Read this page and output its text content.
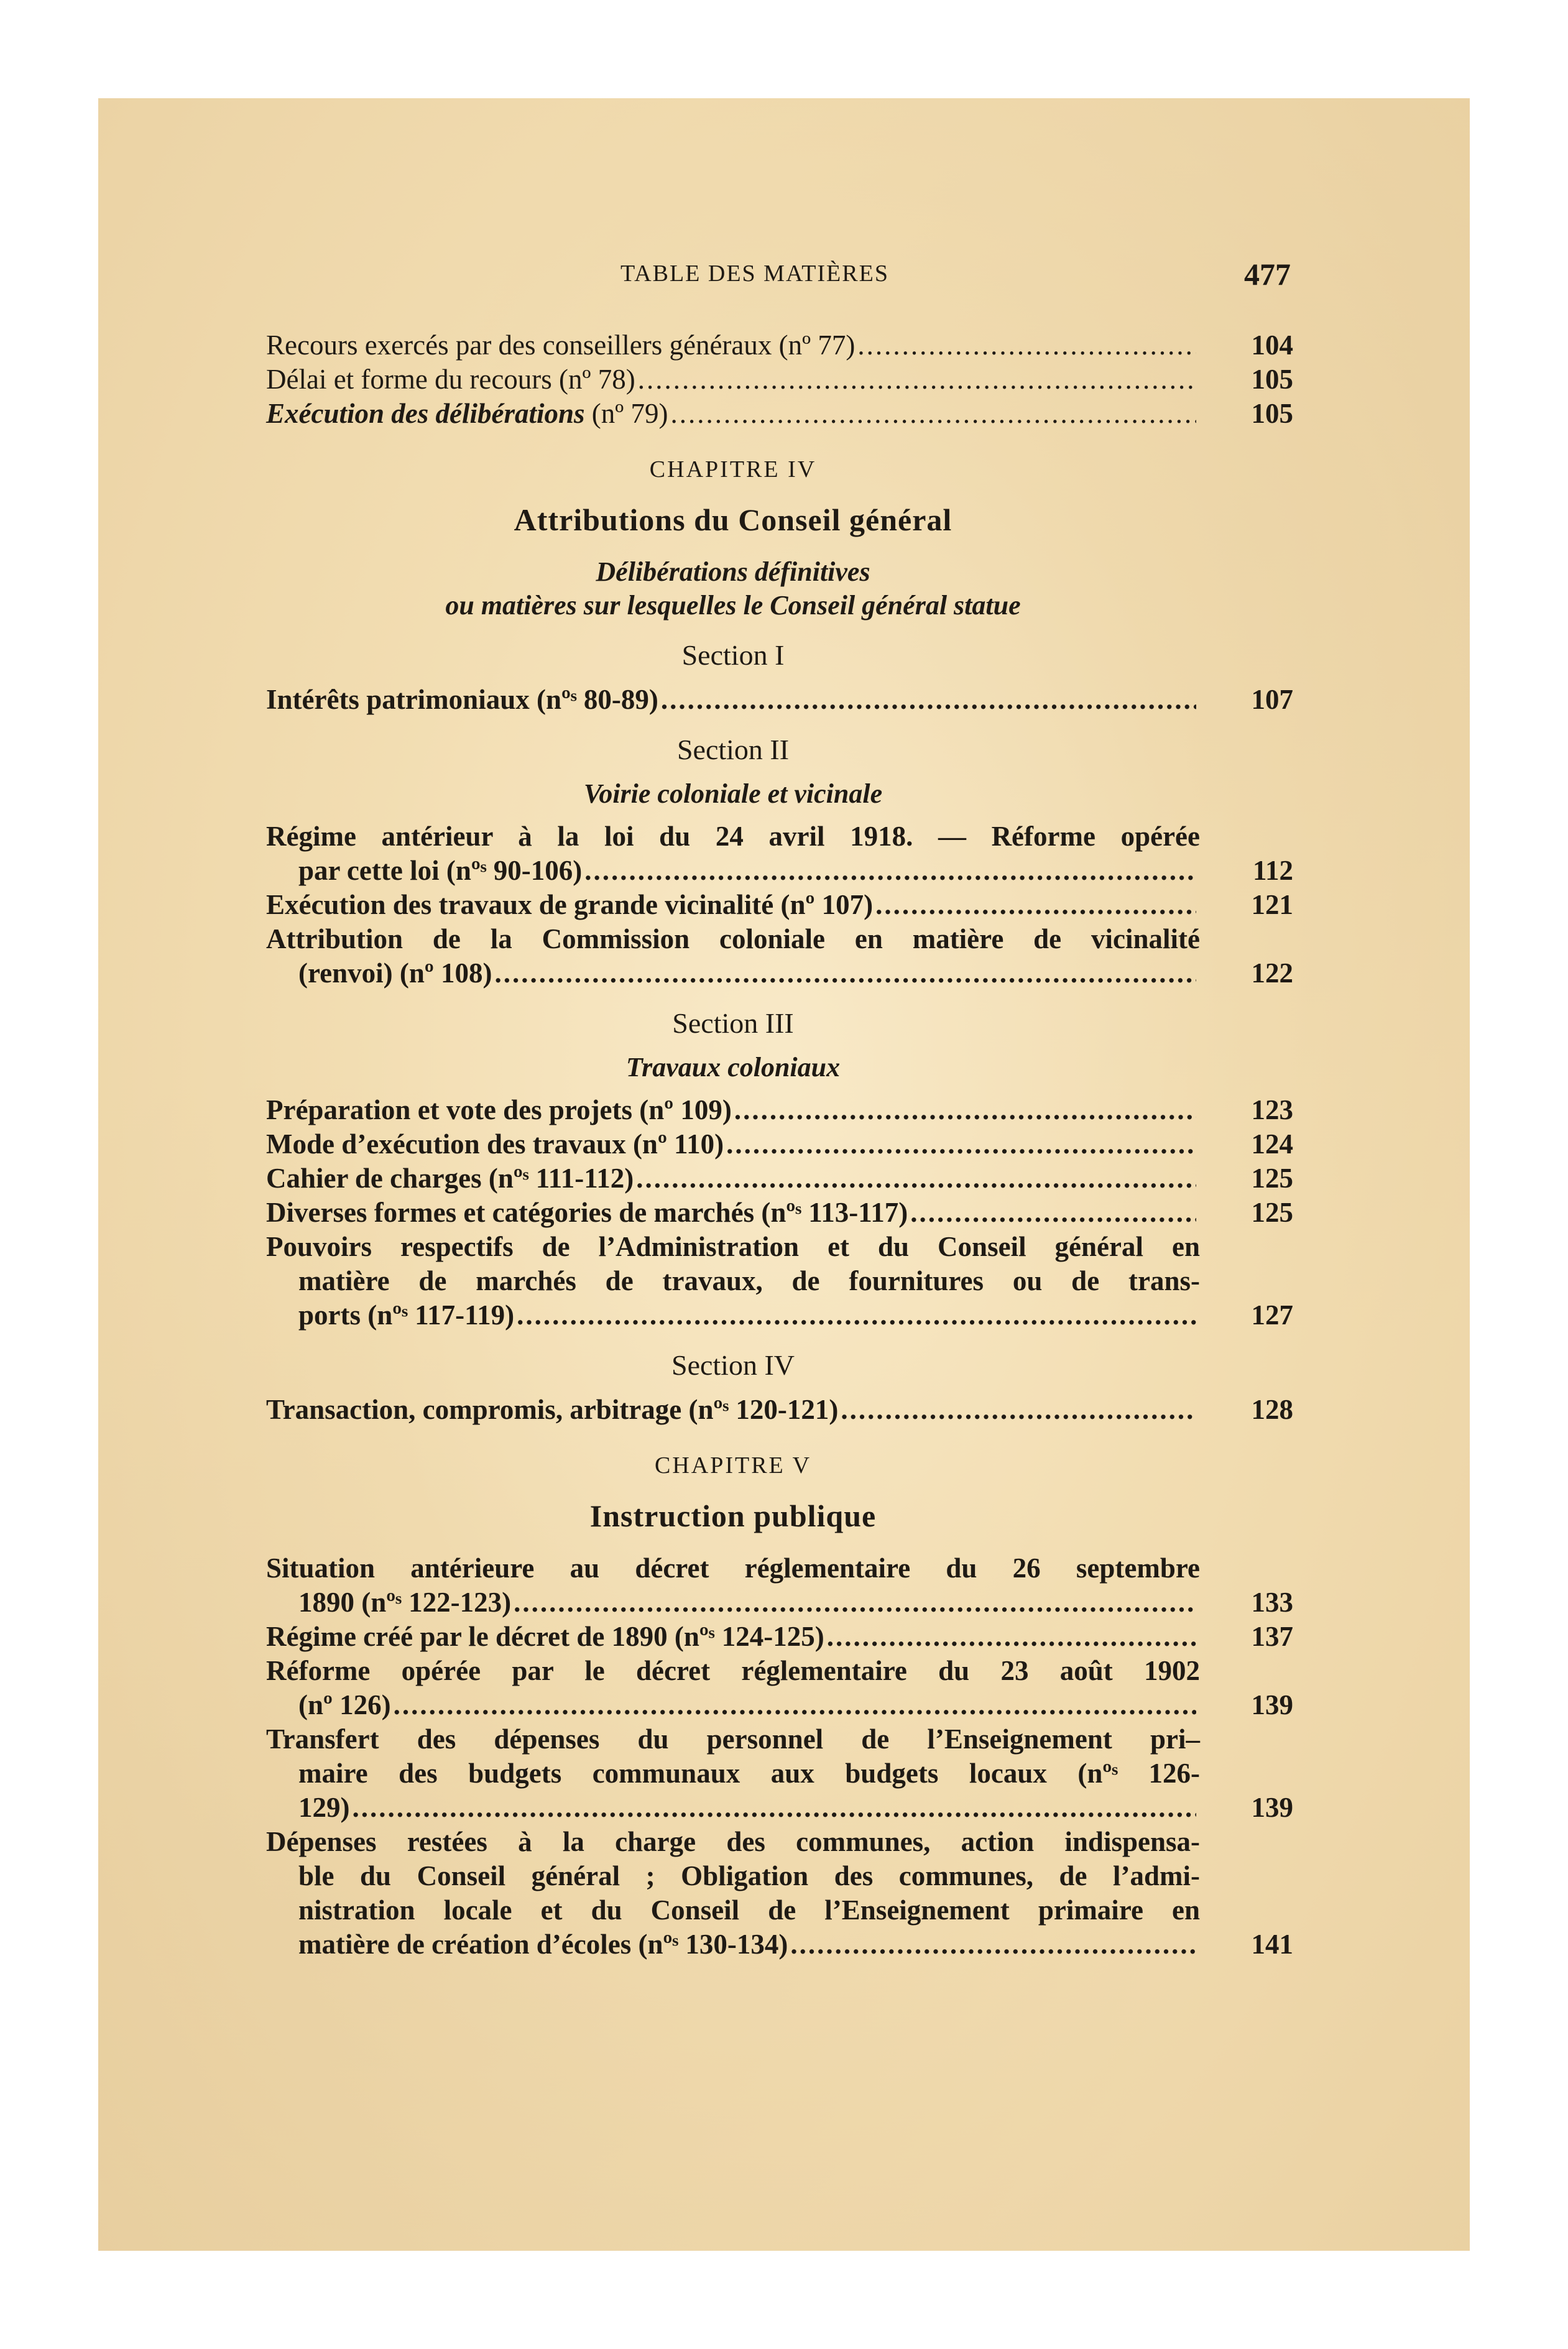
TABLE DES MATIÈRES	477
Recours exercés par des conseillers généraux (nº 77) .....	104
Délai et forme du recours (nº 78) .....	105
Exécution des délibérations (nº 79) .....	105

CHAPITRE IV

Attributions du Conseil général

Délibérations définitives

ou matières sur lesquelles le Conseil général statue

Section I

Intérêts patrimoniaux (nºˢ 80-89) .....	107

Section II

Voirie coloniale et vicinale

Régime antérieur à la loi du 24 avril 1918. — Réforme opérée
par cette loi (nºˢ 90-106) .....	112
Exécution des travaux de grande vicinalité (nº 107) .....	121
Attribution de la Commission coloniale en matière de vicinalité
(renvoi) (nº 108) .....	122

Section III

Travaux coloniaux

Préparation et vote des projets (nº 109) .....	123
Mode d’exécution des travaux (nº 110) .....	124
Cahier de charges (nºˢ 111-112) .....	125
Diverses formes et catégories de marchés (nºˢ 113-117) .....	125
Pouvoirs respectifs de l’Administration et du Conseil général en
matière de marchés de travaux, de fournitures ou de trans-
ports (nºˢ 117-119) .....	127

Section IV

Transaction, compromis, arbitrage (nºˢ 120-121) .....	128

CHAPITRE V

Instruction publique

Situation antérieure au décret réglementaire du 26 septembre
1890 (nºˢ 122-123) .....	133
Régime créé par le décret de 1890 (nºˢ 124-125) .....	137
Réforme opérée par le décret réglementaire du 23 août 1902
(nº 126) .....	139
Transfert des dépenses du personnel de l’Enseignement pri–
maire des budgets communaux aux budgets locaux (nºˢ 126-
129) .....	139
Dépenses restées à la charge des communes, action indispensa-
ble du Conseil général ; Obligation des communes, de l’admi-
nistration locale et du Conseil de l’Enseignement primaire en
matière de création d’écoles (nºˢ 130-134) .....	141
